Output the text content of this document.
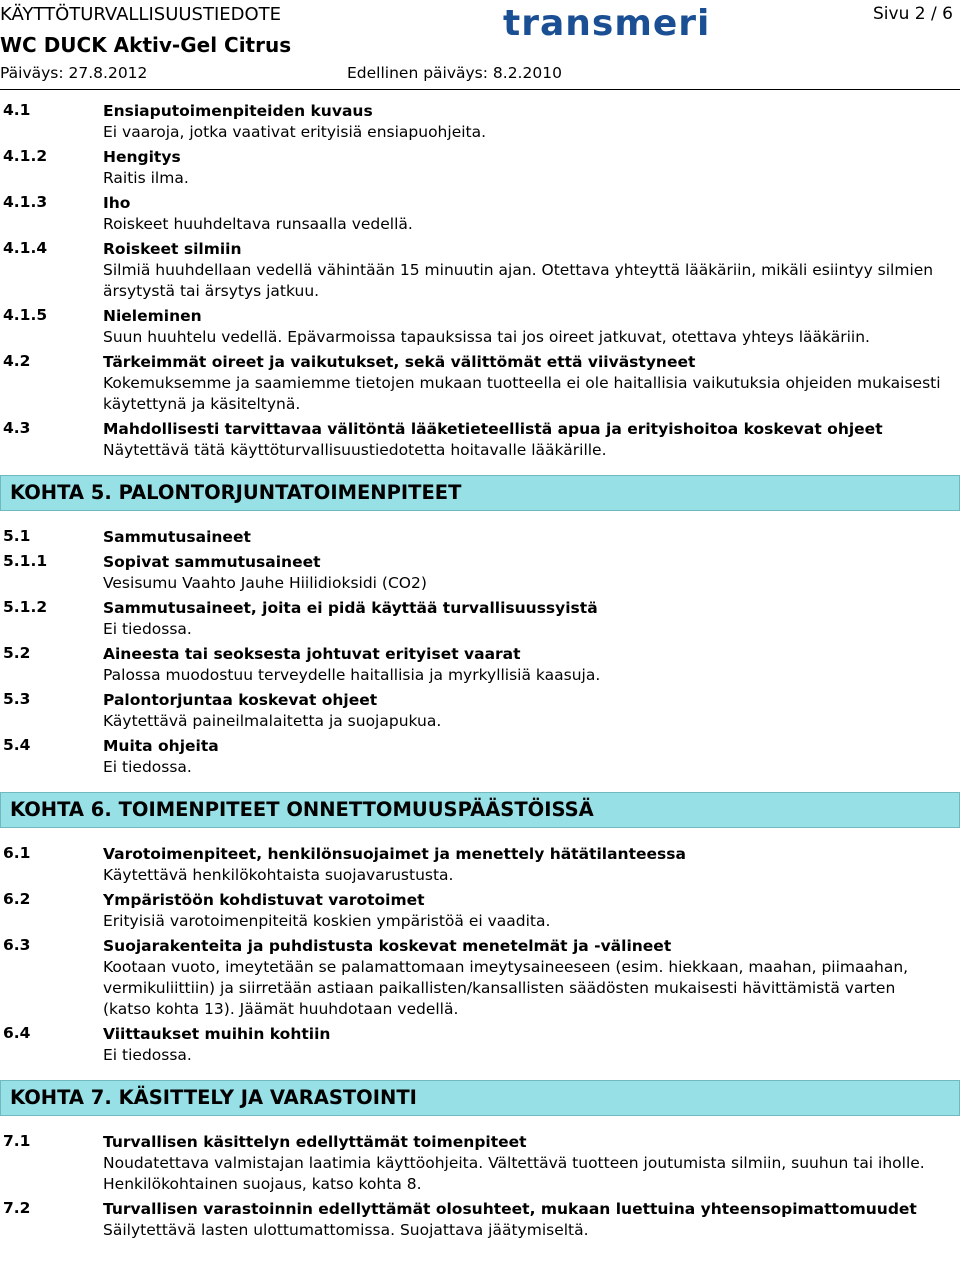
KÄYTTÖTURVALLISUUSTIEDOTE
WC DUCK Aktiv-Gel Citrus
Päiväys: 27.8.2012	Edellinen päiväys: 8.2.2010
Sivu 2 / 6
transmeri
4.1	Ensiaputoimenpiteiden kuvaus
Ei vaaroja, jotka vaativat erityisiä ensiapuohjeita.
4.1.2	Hengitys
Raitis ilma.
4.1.3	Iho
Roiskeet huuhdeltava runsaalla vedellä.
4.1.4	Roiskeet silmiin
Silmiä huuhdellaan vedellä vähintään 15 minuutin ajan. Otettava yhteyttä lääkäriin, mikäli esiintyy silmien ärsytystä tai ärsytys jatkuu.
4.1.5	Nieleminen
Suun huuhtelu vedellä. Epävarmoissa tapauksissa tai jos oireet jatkuvat, otettava yhteys lääkäriin.
4.2	Tärkeimmät oireet ja vaikutukset, sekä välittömät että viivästyneet
Kokemuksemme ja saamiemme tietojen mukaan tuotteella ei ole haitallisia vaikutuksia ohjeiden mukaisesti käytettynä ja käsiteltynä.
4.3	Mahdollisesti tarvittavaa välitöntä lääketieteellistä apua ja erityishoitoa koskevat ohjeet
Näytettävä tätä käyttöturvallisuustiedotetta hoitavalle lääkärille.
KOHTA 5. PALONTORJUNTATOIMENPITEET
5.1	Sammutusaineet
5.1.1	Sopivat sammutusaineet
Vesisumu Vaahto Jauhe Hiilidioksidi (CO2)
5.1.2	Sammutusaineet, joita ei pidä käyttää turvallisuussyistä
Ei tiedossa.
5.2	Aineesta tai seoksesta johtuvat erityiset vaarat
Palossa muodostuu terveydelle haitallisia ja myrkyllisiä kaasuja.
5.3	Palontorjuntaa koskevat ohjeet
Käytettävä paineilmalaitetta ja suojapukua.
5.4	Muita ohjeita
Ei tiedossa.
KOHTA 6. TOIMENPITEET ONNETTOMUUSPÄÄSTÖISSÄ
6.1	Varotoimenpiteet, henkilönsuojaimet ja menettely hätätilanteessa
Käytettävä henkilökohtaista suojavarustusta.
6.2	Ympäristöön kohdistuvat varotoimet
Erityisiä varotoimenpiteitä koskien ympäristöä ei vaadita.
6.3	Suojarakenteita ja puhdistusta koskevat menetelmät ja -välineet
Kootaan vuoto, imeytetään se palamattomaan imeytysaineeseen (esim. hiekkaan, maahan, piimaahan, vermikuliittiin) ja siirretään astiaan paikallisten/kansallisten säädösten mukaisesti hävittämistä varten (katso kohta 13). Jäämät huuhdotaan vedellä.
6.4	Viittaukset muihin kohtiin
Ei tiedossa.
KOHTA 7. KÄSITTELY JA VARASTOINTI
7.1	Turvallisen käsittelyn edellyttämät toimenpiteet
Noudatettava valmistajan laatimia käyttöohjeita. Vältettävä tuotteen joutumista silmiin, suuhun tai iholle. Henkilökohtainen suojaus, katso kohta 8.
7.2	Turvallisen varastoinnin edellyttämät olosuhteet, mukaan luettuina yhteensopimattomuudet
Säilytettävä lasten ulottumattomissa. Suojattava jäätymiseltä.
